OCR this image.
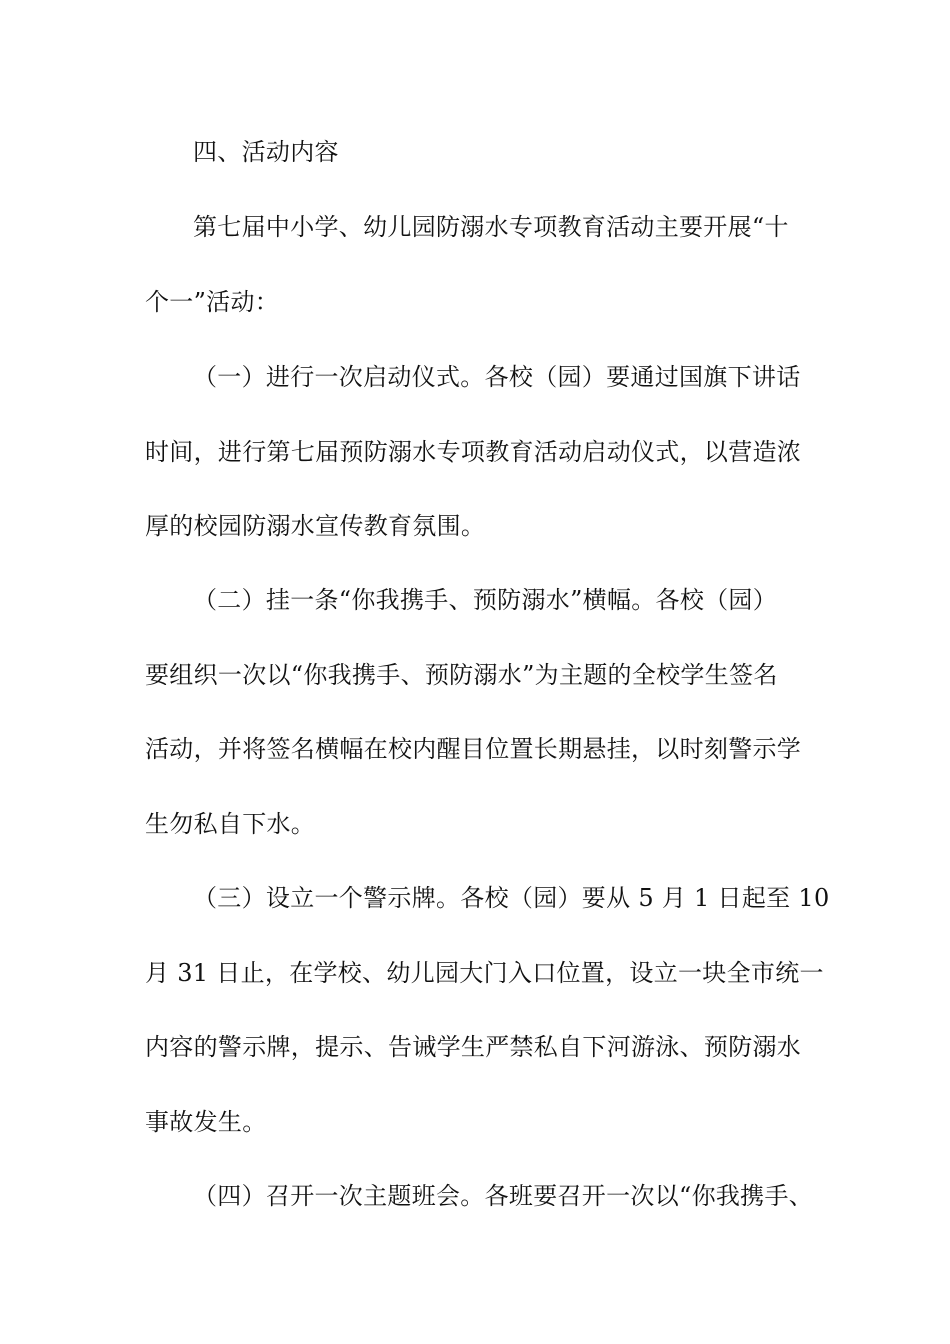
四、活动内容
第七届中小学、幼儿园防溺水专项教育活动主要开展“十
个一”活动：
（一）进行一次启动仪式。各校（园）要通过国旗下讲话
时间，进行第七届预防溺水专项教育活动启动仪式，以营造浓
厚的校园防溺水宣传教育氛围。
（二）挂一条“你我携手、预防溺水”横幅。各校（园）
要组织一次以“你我携手、预防溺水”为主题的全校学生签名
活动，并将签名横幅在校内醒目位置长期悬挂，以时刻警示学
生勿私自下水。
（三）设立一个警示牌。各校（园）要从 5 月 1 日起至 10
月 31 日止，在学校、幼儿园大门入口位置，设立一块全市统一
内容的警示牌，提示、告诫学生严禁私自下河游泳、预防溺水
事故发生。
（四）召开一次主题班会。各班要召开一次以“你我携手、
